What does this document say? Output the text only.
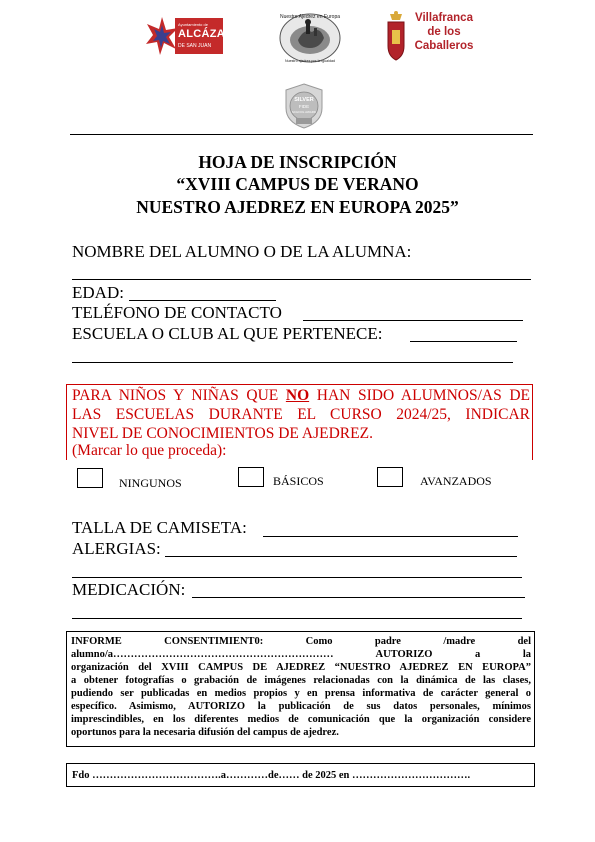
Ayuntamiento de
ALCÁZAR
DE SAN JUAN
Nuestro Ajedrez en Europa
Nuestro ajedrez por la igualdad
Villafranca
de los
Caballeros
SILVER
FIDE
SCHOOL AWARD
HOJA DE INSCRIPCIÓN
“XVIII CAMPUS DE VERANO
NUESTRO AJEDREZ EN EUROPA 2025”
NOMBRE DEL ALUMNO O DE LA ALUMNA:
EDAD:
TELÉFONO DE CONTACTO
ESCUELA O CLUB AL QUE PERTENECE:
PARA NIÑOS Y NIÑAS QUE NO HAN SIDO ALUMNOS/AS DE
LAS ESCUELAS DURANTE EL CURSO 2024/25, INDICAR
NIVEL DE CONOCIMIENTOS DE AJEDREZ.
(Marcar lo que proceda):
NINGUNOS	BÁSICOS	AVANZADOS
TALLA DE CAMISETA:
ALERGIAS:
MEDICACIÓN:
INFORME CONSENTIMIENT0: Como padre /madre del
alumno/a……………………………………………………… AUTORIZO a la
organización del XVIII CAMPUS DE AJEDREZ “NUESTRO AJEDREZ EN EUROPA”
a obtener fotografías o grabación de imágenes relacionadas con la dinámica de las clases,
pudiendo ser publicadas en medios propios y en prensa informativa de carácter general o
específico. Asimismo, AUTORIZO la publicación de sus datos personales, mínimos
imprescindibles, en los diferentes medios de comunicación que la organización considere
oportunos para la necesaria difusión del campus de ajedrez.
Fdo ……………………………….a…………de…… de 2025 en …………………………….
